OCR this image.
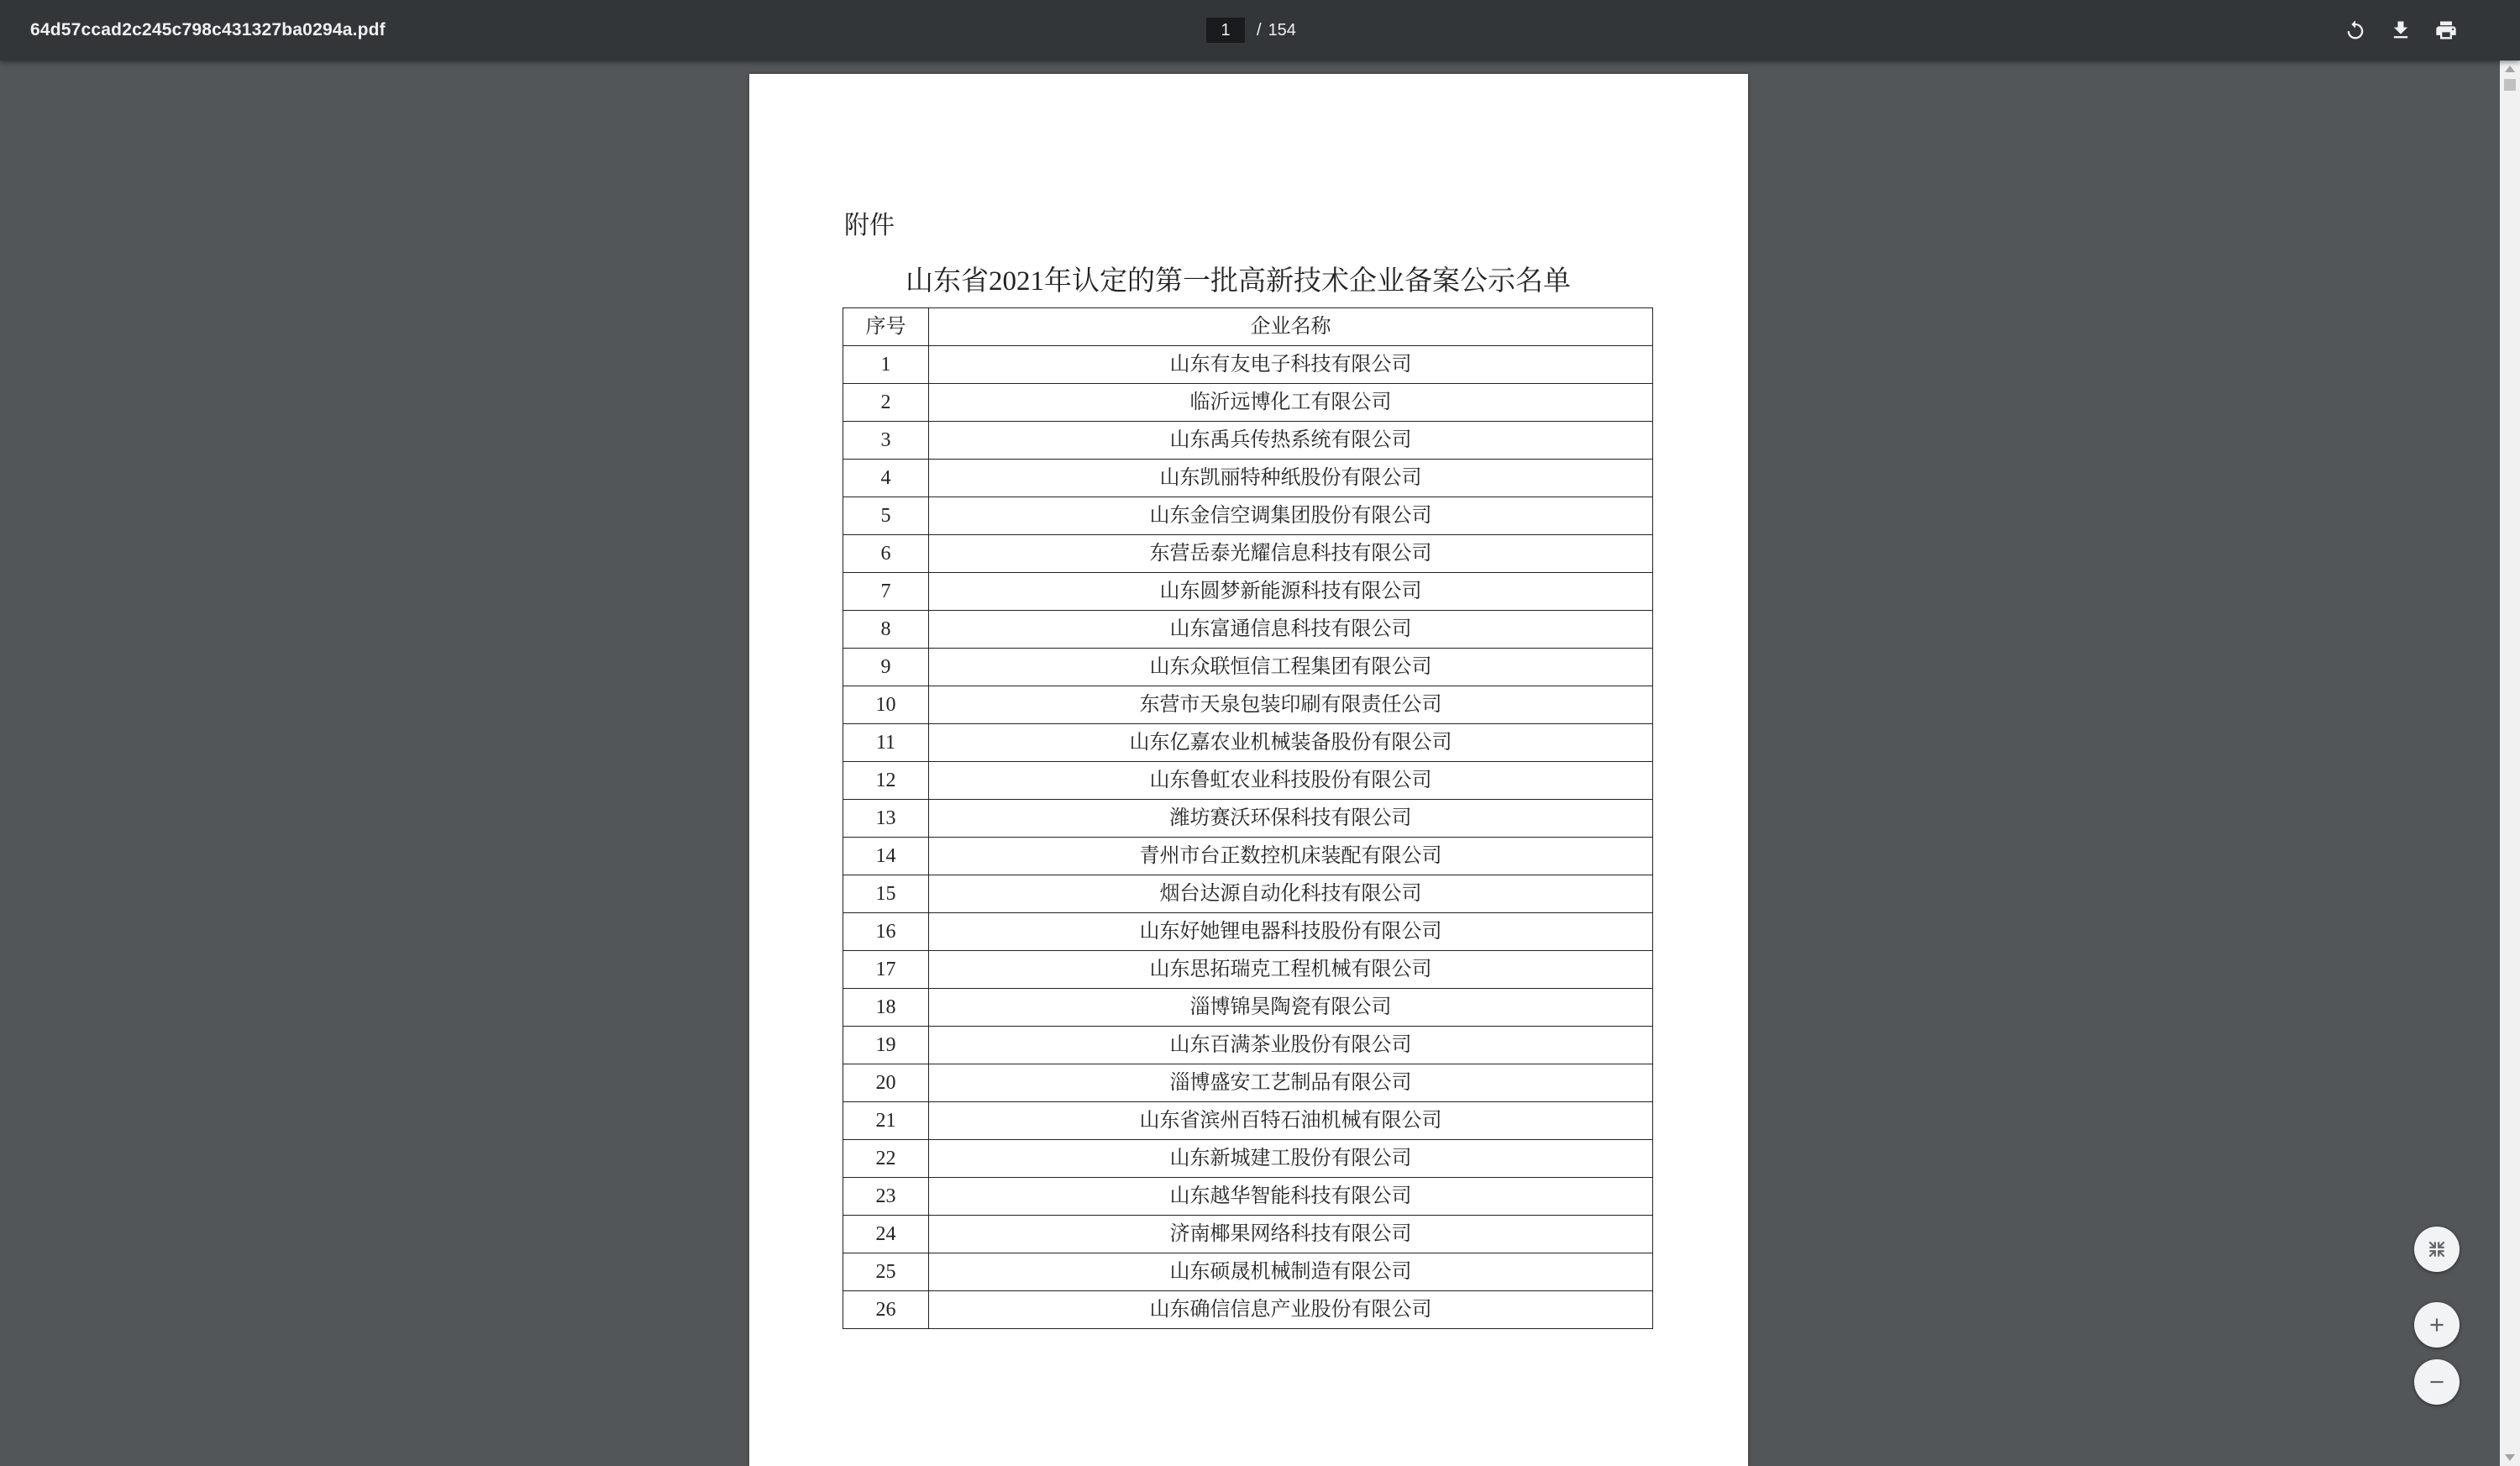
64d57ccad2c245c798c431327ba0294a.pdf
1	/ 154
附件
山东省2021年认定的第一批高新技术企业备案公示名单
序号	企业名称
1	山东有友电子科技有限公司
2	临沂远博化工有限公司
3	山东禹兵传热系统有限公司
4	山东凯丽特种纸股份有限公司
5	山东金信空调集团股份有限公司
6	东营岳泰光耀信息科技有限公司
7	山东圆梦新能源科技有限公司
8	山东富通信息科技有限公司
9	山东众联恒信工程集团有限公司
10	东营市天泉包装印刷有限责任公司
11	山东亿嘉农业机械装备股份有限公司
12	山东鲁虹农业科技股份有限公司
13	潍坊赛沃环保科技有限公司
14	青州市台正数控机床装配有限公司
15	烟台达源自动化科技有限公司
16	山东好她锂电器科技股份有限公司
17	山东思拓瑞克工程机械有限公司
18	淄博锦昊陶瓷有限公司
19	山东百满茶业股份有限公司
20	淄博盛安工艺制品有限公司
21	山东省滨州百特石油机械有限公司
22	山东新城建工股份有限公司
23	山东越华智能科技有限公司
24	济南椰果网络科技有限公司
25	山东硕晟机械制造有限公司
26	山东确信信息产业股份有限公司
